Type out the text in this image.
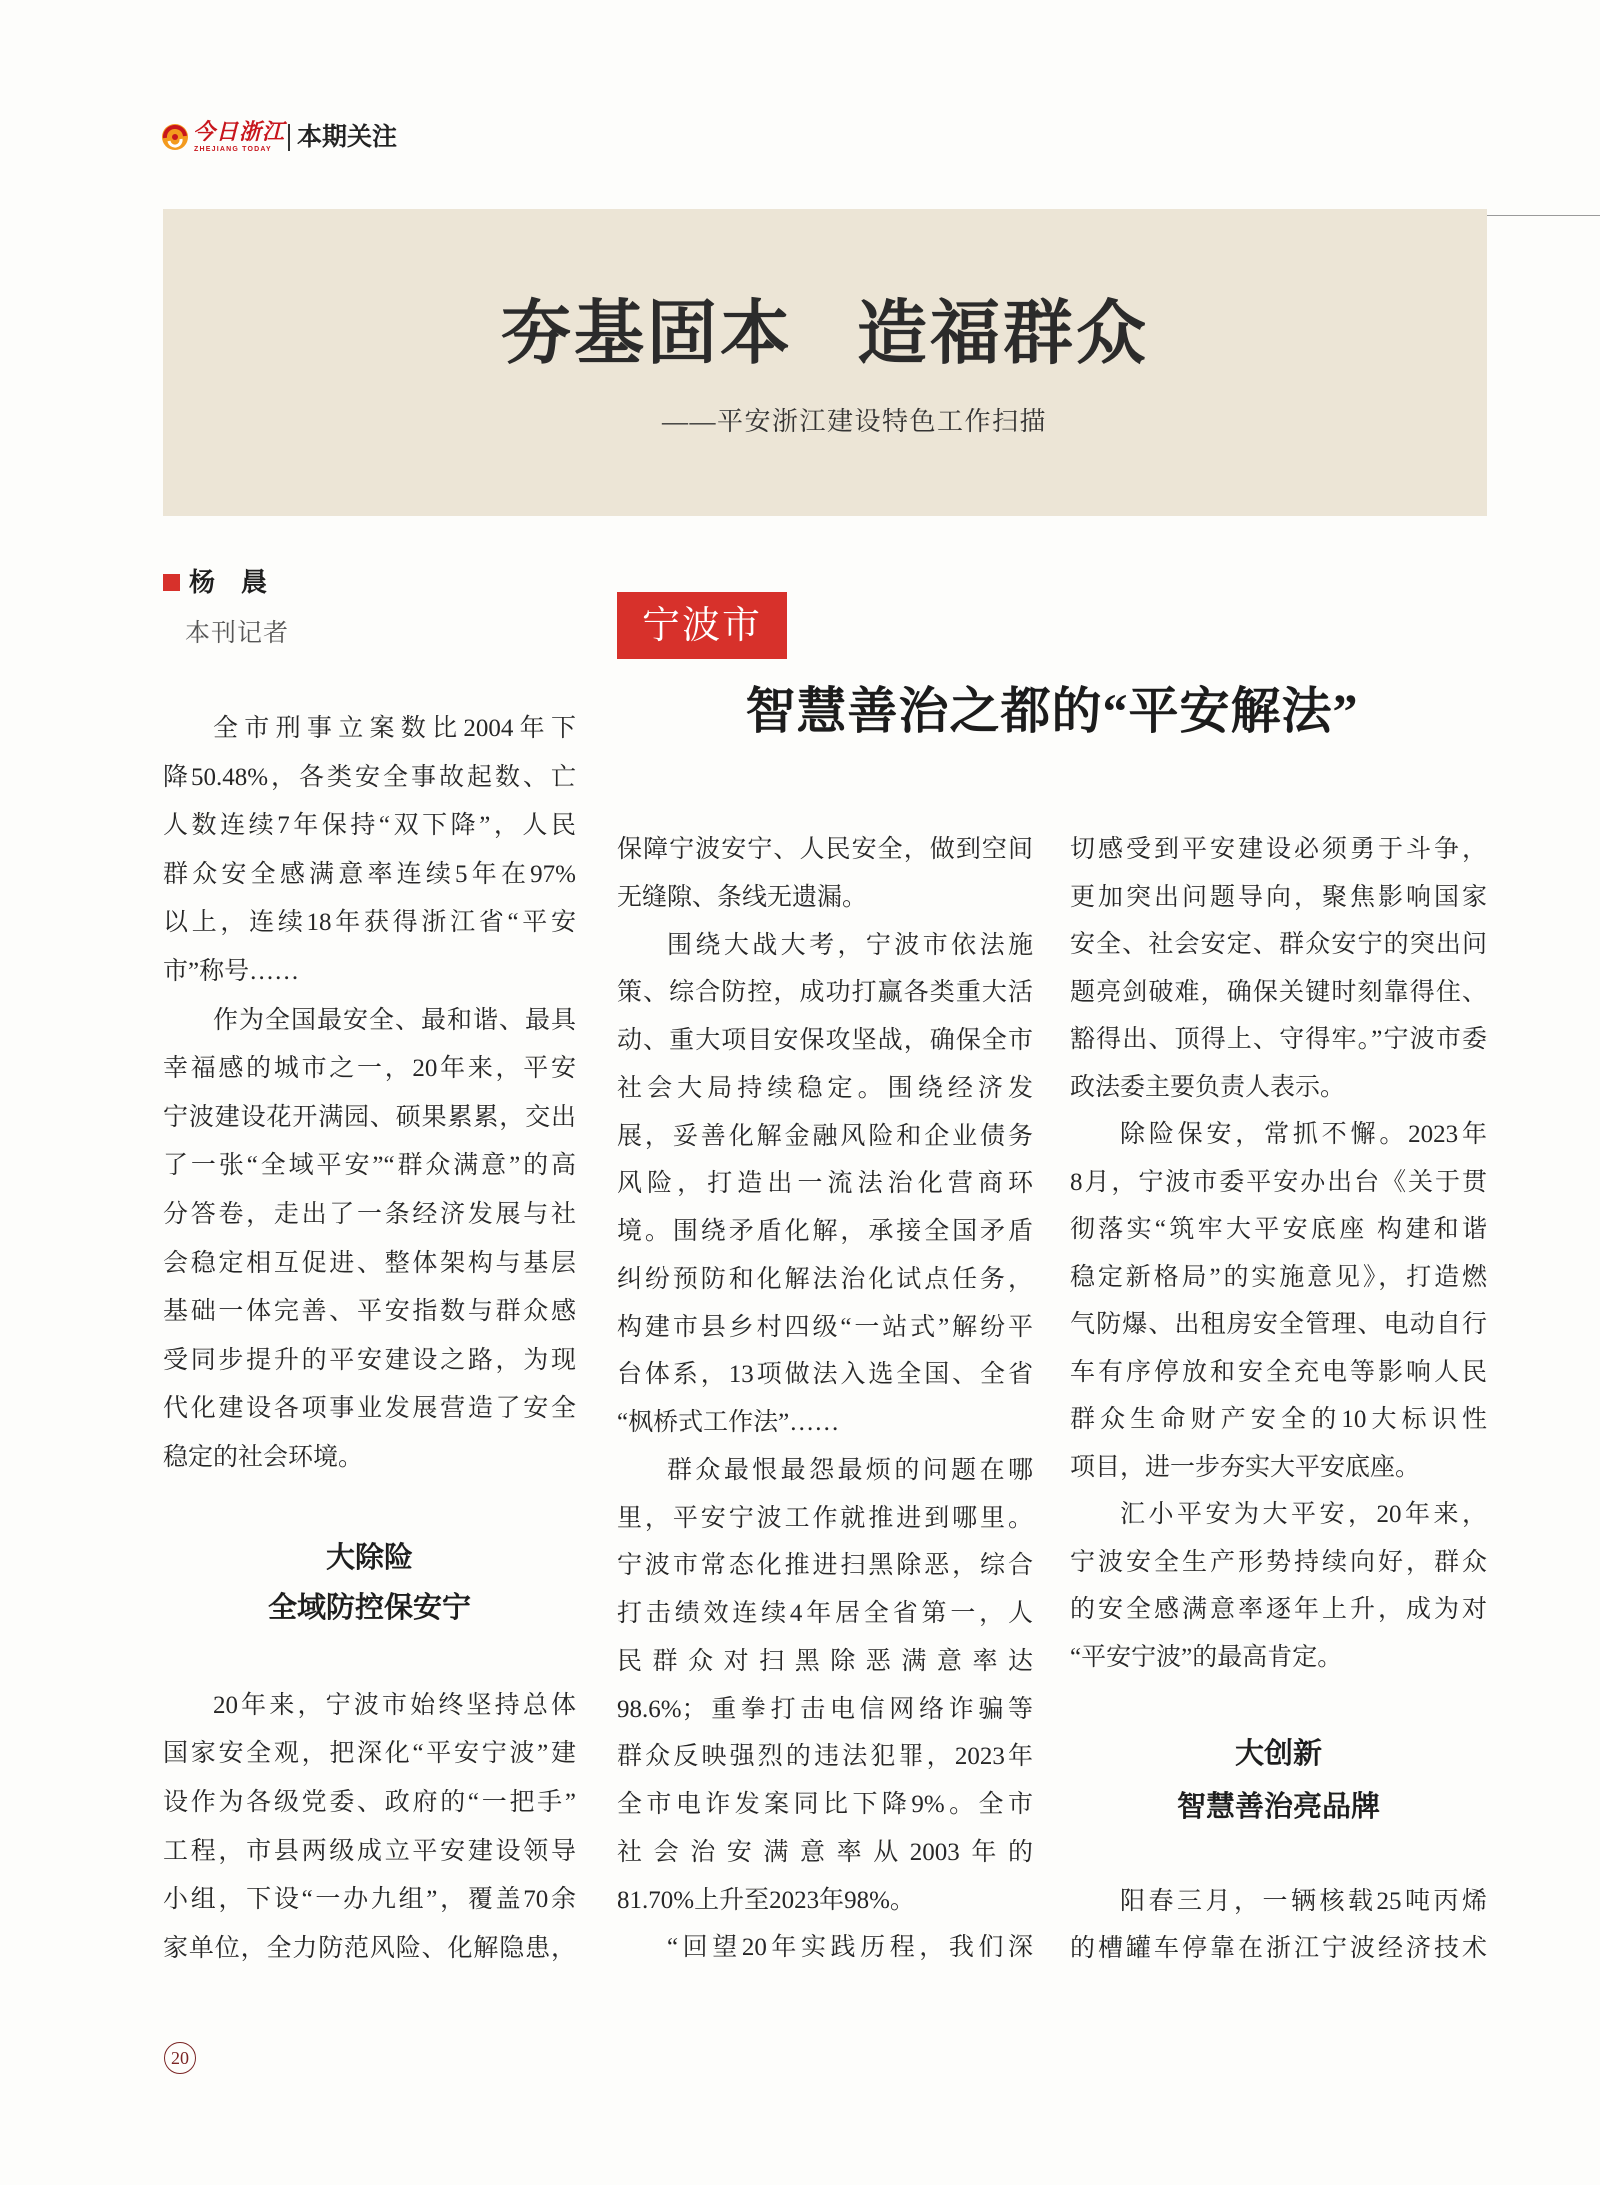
今日浙江
ZHEJIANG TODAY 本期关注
夯基固本 造福群众
——平安浙江建设特色工作扫描
杨　晨
本刊记者	宁波市
智慧善治之都的“平安解法”
全市刑事立案数比2004年下
降50.48%，各类安全事故起数、亡
人数连续7年保持“双下降”，人民
群众安全感满意率连续5年在97%
以上，连续18年获得浙江省“平安
市”称号……
作为全国最安全、最和谐、最具
幸福感的城市之一，20年来，平安
宁波建设花开满园、硕果累累，交出
了一张“全域平安”“群众满意”的高
分答卷，走出了一条经济发展与社
会稳定相互促进、整体架构与基层
基础一体完善、平安指数与群众感
受同步提升的平安建设之路，为现
代化建设各项事业发展营造了安全
稳定的社会环境。
大除险
全域防控保安宁
20年来，宁波市始终坚持总体
国家安全观，把深化“平安宁波”建
设作为各级党委、政府的“一把手”
工程，市县两级成立平安建设领导
小组，下设“一办九组”，覆盖70余
家单位，全力防范风险、化解隐患，
保障宁波安宁、人民安全，做到空间
无缝隙、条线无遗漏。
围绕大战大考，宁波市依法施
策、综合防控，成功打赢各类重大活
动、重大项目安保攻坚战，确保全市
社会大局持续稳定。围绕经济发
展，妥善化解金融风险和企业债务
风险，打造出一流法治化营商环
境。围绕矛盾化解，承接全国矛盾
纠纷预防和化解法治化试点任务，
构建市县乡村四级“一站式”解纷平
台体系，13项做法入选全国、全省
“枫桥式工作法”……
群众最恨最怨最烦的问题在哪
里，平安宁波工作就推进到哪里。
宁波市常态化推进扫黑除恶，综合
打击绩效连续4年居全省第一，人
民群众对扫黑除恶满意率达
98.6%；重拳打击电信网络诈骗等
群众反映强烈的违法犯罪，2023年
全市电诈发案同比下降9%。全市
社会治安满意率从2003年的
81.70%上升至2023年98%。
“回望20年实践历程，我们深
切感受到平安建设必须勇于斗争，
更加突出问题导向，聚焦影响国家
安全、社会安定、群众安宁的突出问
题亮剑破难，确保关键时刻靠得住、
豁得出、顶得上、守得牢。”宁波市委
政法委主要负责人表示。
除险保安，常抓不懈。2023年
8月，宁波市委平安办出台《关于贯
彻落实“筑牢大平安底座 构建和谐
稳定新格局”的实施意见》，打造燃
气防爆、出租房安全管理、电动自行
车有序停放和安全充电等影响人民
群众生命财产安全的10大标识性
项目，进一步夯实大平安底座。
汇小平安为大平安，20年来，
宁波安全生产形势持续向好，群众
的安全感满意率逐年上升，成为对
“平安宁波”的最高肯定。
大创新
智慧善治亮品牌
阳春三月，一辆核载25吨丙烯
的槽罐车停靠在浙江宁波经济技术
20
